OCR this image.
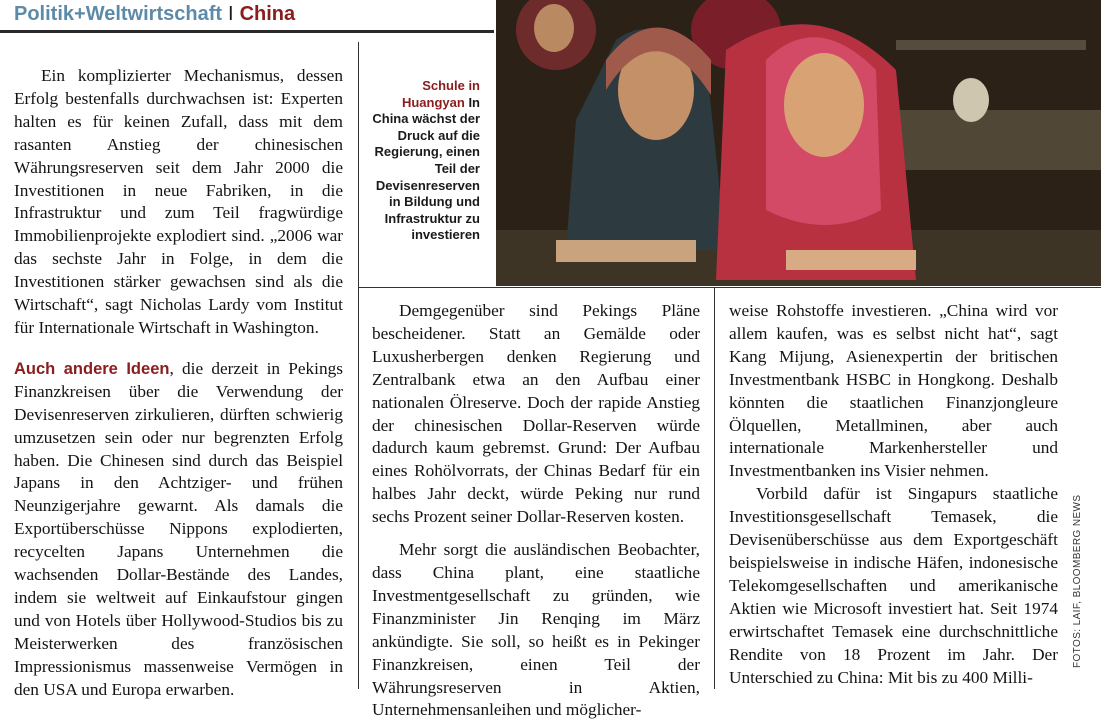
Politik+Weltwirtschaft I China

Ein komplizierter Mechanismus, dessen Erfolg bestenfalls durchwachsen ist: Experten halten es für keinen Zufall, dass mit dem rasanten Anstieg der chinesischen Währungsreserven seit dem Jahr 2000 die Investitionen in neue Fabriken, in die Infrastruktur und zum Teil fragwürdige Immobilienprojekte explodiert sind. „2006 war das sechste Jahr in Folge, in dem die Investitionen stärker gewachsen sind als die Wirtschaft“, sagt Nicholas Lardy vom Institut für Internationale Wirtschaft in Washington.

Auch andere Ideen, die derzeit in Pekings Finanzkreisen über die Verwendung der Devisenreserven zirkulieren, dürften schwierig umzusetzen sein oder nur begrenzten Erfolg haben. Die Chinesen sind durch das Beispiel Japans in den Achtziger- und frühen Neunzigerjahre gewarnt. Als damals die Exportüberschüsse Nippons explodierten, recycelten Japans Unternehmen die wachsenden Dollar-Bestände des Landes, indem sie weltweit auf Einkaufstour gingen und von Hotels über Hollywood-Studios bis zu Meisterwerken des französischen Impressionismus massenweise Vermögen in den USA und Europa erwarben.

Schule in Huangyan In China wächst der Druck auf die Regierung, einen Teil der Devisenreserven in Bildung und Infrastruktur zu investieren

Demgegenüber sind Pekings Pläne bescheidener. Statt an Gemälde oder Luxusherbergen denken Regierung und Zentralbank etwa an den Aufbau einer nationalen Ölreserve. Doch der rapide Anstieg der chinesischen Dollar-Reserven würde dadurch kaum gebremst. Grund: Der Aufbau eines Rohölvorrats, der Chinas Bedarf für ein halbes Jahr deckt, würde Peking nur rund sechs Prozent seiner Dollar-Reserven kosten.

Mehr sorgt die ausländischen Beobachter, dass China plant, eine staatliche Investmentgesellschaft zu gründen, wie Finanzminister Jin Renqing im März ankündigte. Sie soll, so heißt es in Pekinger Finanzkreisen, einen Teil der Währungsreserven in Aktien, Unternehmensanleihen und möglicher-

weise Rohstoffe investieren. „China wird vor allem kaufen, was es selbst nicht hat“, sagt Kang Mijung, Asienexpertin der britischen Investmentbank HSBC in Hongkong. Deshalb könnten die staatlichen Finanzjongleure Ölquellen, Metallminen, aber auch internationale Markenhersteller und Investmentbanken ins Visier nehmen.

Vorbild dafür ist Singapurs staatliche Investitionsgesellschaft Temasek, die Devisenüberschüsse aus dem Exportgeschäft beispielsweise in indische Häfen, indonesische Telekomgesellschaften und amerikanische Aktien wie Microsoft investiert hat. Seit 1974 erwirtschaftet Temasek eine durchschnittliche Rendite von 18 Prozent im Jahr. Der Unterschied zu China: Mit bis zu 400 Milli-

FOTOS: LAIF, BLOOMBERG NEWS
